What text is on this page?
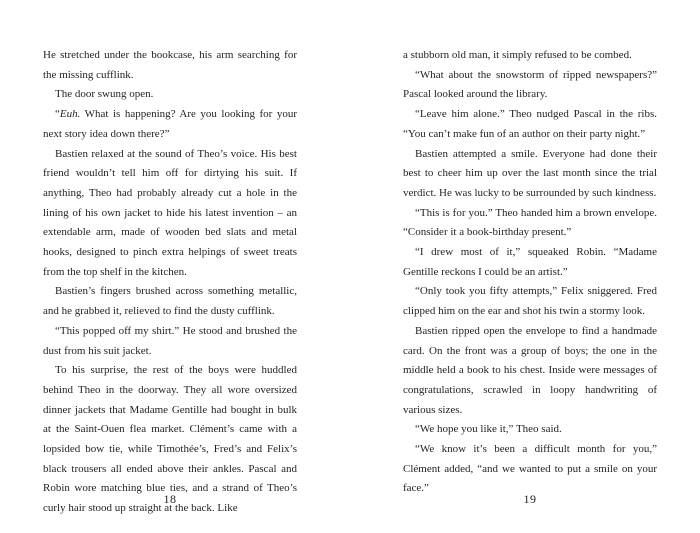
He stretched under the bookcase, his arm searching for the missing cufflink.

The door swung open.

“Euh. What is happening? Are you looking for your next story idea down there?”

Bastien relaxed at the sound of Theo’s voice. His best friend wouldn’t tell him off for dirtying his suit. If anything, Theo had probably already cut a hole in the lining of his own jacket to hide his latest invention – an extendable arm, made of wooden bed slats and metal hooks, designed to pinch extra helpings of sweet treats from the top shelf in the kitchen.

Bastien’s fingers brushed across something metallic, and he grabbed it, relieved to find the dusty cufflink.

“This popped off my shirt.” He stood and brushed the dust from his suit jacket.

To his surprise, the rest of the boys were huddled behind Theo in the doorway. They all wore oversized dinner jackets that Madame Gentille had bought in bulk at the Saint-Ouen flea market. Clément’s came with a lopsided bow tie, while Timothée’s, Fred’s and Felix’s black trousers all ended above their ankles. Pascal and Robin wore matching blue ties, and a strand of Theo’s curly hair stood up straight at the back. Like

18

a stubborn old man, it simply refused to be combed.

“What about the snowstorm of ripped newspapers?” Pascal looked around the library.

“Leave him alone.” Theo nudged Pascal in the ribs. “You can’t make fun of an author on their party night.”

Bastien attempted a smile. Everyone had done their best to cheer him up over the last month since the trial verdict. He was lucky to be surrounded by such kindness.

“This is for you.” Theo handed him a brown envelope. “Consider it a book-birthday present.”

“I drew most of it,” squeaked Robin. “Madame Gentille reckons I could be an artist.”

“Only took you fifty attempts,” Felix sniggered. Fred clipped him on the ear and shot his twin a stormy look.

Bastien ripped open the envelope to find a handmade card. On the front was a group of boys; the one in the middle held a book to his chest. Inside were messages of congratulations, scrawled in loopy handwriting of various sizes.

“We hope you like it,” Theo said.

“We know it’s been a difficult month for you,” Clément added, “and we wanted to put a smile on your face.”

19
